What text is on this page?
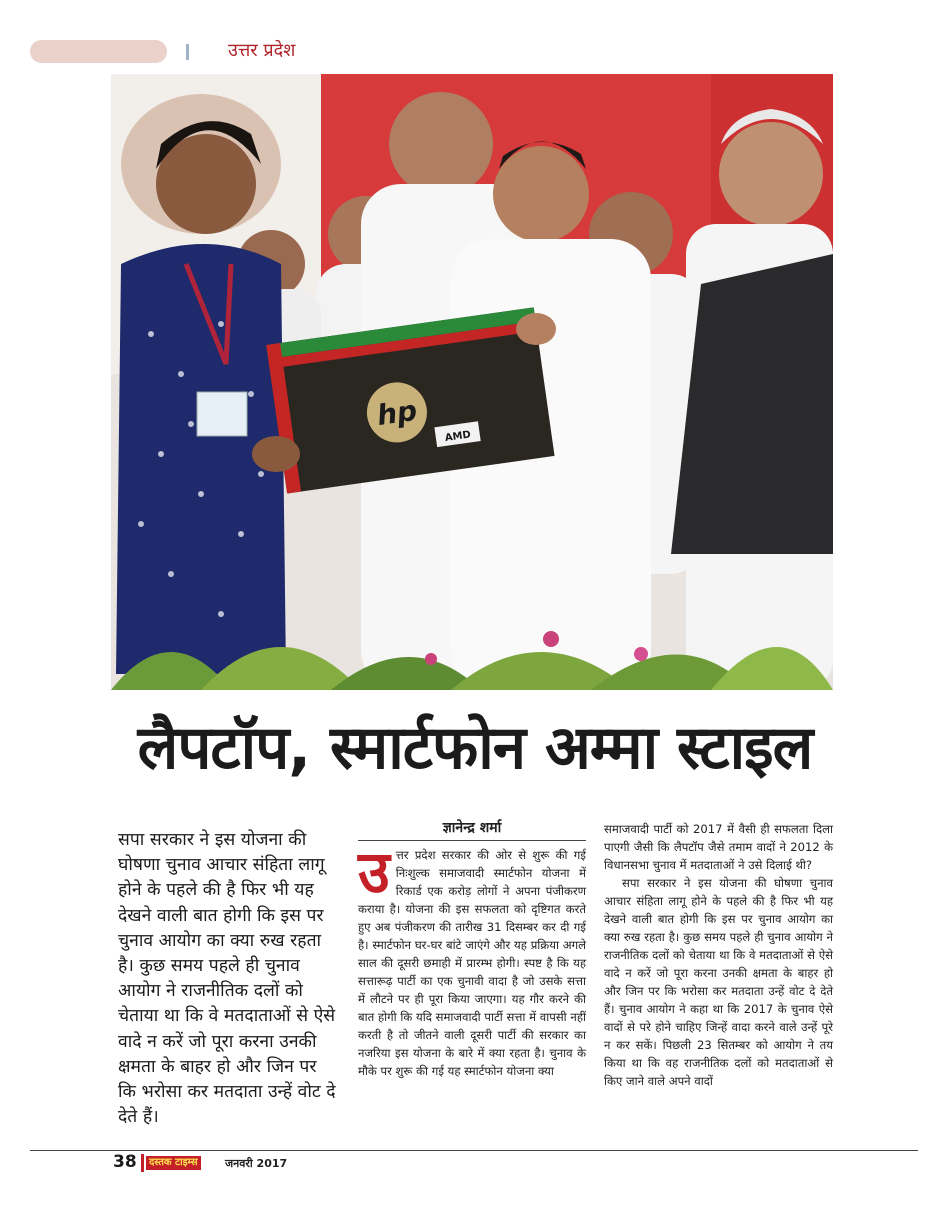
उत्तर प्रदेश
hp
AMD
लैपटॉप, स्मार्टफोन अम्मा स्टाइल
सपा सरकार ने इस योजना की घोषणा चुनाव आचार संहिता लागू होने के पहले की है फिर भी यह देखने वाली बात होगी कि इस पर चुनाव आयोग का क्या रुख रहता है। कुछ समय पहले ही चुनाव आयोग ने राजनीतिक दलों को चेताया था कि वे मतदाताओं से ऐसे वादे न करें जो पूरा करना उनकी क्षमता के बाहर हो और जिन पर कि भरोसा कर मतदाता उन्हें वोट दे देते हैं।
ज्ञानेन्द्र शर्मा
उ त्तर प्रदेश सरकार की ओर से शुरू की गई निःशुल्क समाजवादी स्मार्टफोन योजना में रिकार्ड एक करोड़ लोगों ने अपना पंजीकरण कराया है। योजना की इस सफलता को दृष्टिगत करते हुए अब पंजीकरण की तारीख 31 दिसम्बर कर दी गई है। स्मार्टफोन घर-घर बांटे जाएंगे और यह प्रक्रिया अगले साल की दूसरी छमाही में प्रारम्भ होगी। स्पष्ट है कि यह सत्तारूढ़ पार्टी का एक चुनावी वादा है जो उसके सत्ता में लौटने पर ही पूरा किया जाएगा। यह गौर करने की बात होगी कि यदि समाजवादी पार्टी सत्ता में वापसी नहीं करती है तो जीतने वाली दूसरी पार्टी की सरकार का नजरिया इस योजना के बारे में क्या रहता है। चुनाव के मौके पर शुरू की गई यह स्मार्टफोन योजना क्या

समाजवादी पार्टी को 2017 में वैसी ही सफलता दिला पाएगी जैसी कि लैपटॉप जैसे तमाम वादों ने 2012 के विधानसभा चुनाव में मतदाताओं ने उसे दिलाई थी?

सपा सरकार ने इस योजना की घोषणा चुनाव आचार संहिता लागू होने के पहले की है फिर भी यह देखने वाली बात होगी कि इस पर चुनाव आयोग का क्या रुख रहता है। कुछ समय पहले ही चुनाव आयोग ने राजनीतिक दलों को चेताया था कि वे मतदाताओं से ऐसे वादे न करें जो पूरा करना उनकी क्षमता के बाहर हो और जिन पर कि भरोसा कर मतदाता उन्हें वोट दे देते हैं। चुनाव आयोग ने कहा था कि 2017 के चुनाव ऐसे वादों से परे होने चाहिए जिन्हें वादा करने वाले उन्हें पूरे न कर सकें। पिछली 23 सितम्बर को आयोग ने तय किया था कि वह राजनीतिक दलों को मतदाताओं से किए जाने वाले अपने वादों

38	दस्तक टाइम्स जनवरी 2017
